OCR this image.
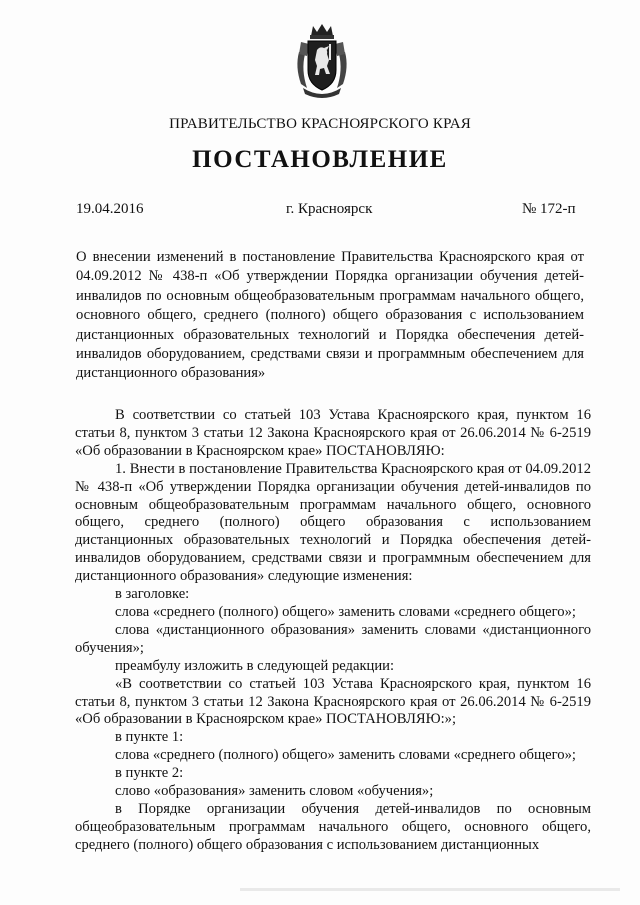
ПРАВИТЕЛЬСТВО КРАСНОЯРСКОГО КРАЯ
ПОСТАНОВЛЕНИЕ
19.04.2016	г. Красноярск	№ 172-п
О внесении изменений в постановление Правительства Красноярского края от 04.09.2012 № 438-п «Об утверждении Порядка организации обучения детей-инвалидов по основным общеобразовательным программам начального общего, основного общего, среднего (полного) общего образования с использованием дистанционных образовательных технологий и Порядка обеспечения детей-инвалидов оборудованием, средствами связи и программным обеспечением для дистанционного образования»

В соответствии со статьей 103 Устава Красноярского края, пунктом 16 статьи 8, пунктом 3 статьи 12 Закона Красноярского края от 26.06.2014 № 6-2519 «Об образовании в Красноярском крае» ПОСТАНОВЛЯЮ:

1. Внести в постановление Правительства Красноярского края от 04.09.2012 № 438-п «Об утверждении Порядка организации обучения детей-инвалидов по основным общеобразовательным программам начального общего, основного общего, среднего (полного) общего образования с использованием дистанционных образовательных технологий и Порядка обеспечения детей-инвалидов оборудованием, средствами связи и программным обеспечением для дистанционного образования» следующие изменения:

в заголовке:

слова «среднего (полного) общего» заменить словами «среднего общего»;

слова «дистанционного образования» заменить словами «дистанционного обучения»;

преамбулу изложить в следующей редакции:

«В соответствии со статьей 103 Устава Красноярского края, пунктом 16 статьи 8, пунктом 3 статьи 12 Закона Красноярского края от 26.06.2014 № 6-2519 «Об образовании в Красноярском крае» ПОСТАНОВЛЯЮ:»;

в пункте 1:

слова «среднего (полного) общего» заменить словами «среднего общего»;

в пункте 2:

слово «образования» заменить словом «обучения»;

в Порядке организации обучения детей-инвалидов по основным общеобразовательным программам начального общего, основного общего, среднего (полного) общего образования с использованием дистанционных
